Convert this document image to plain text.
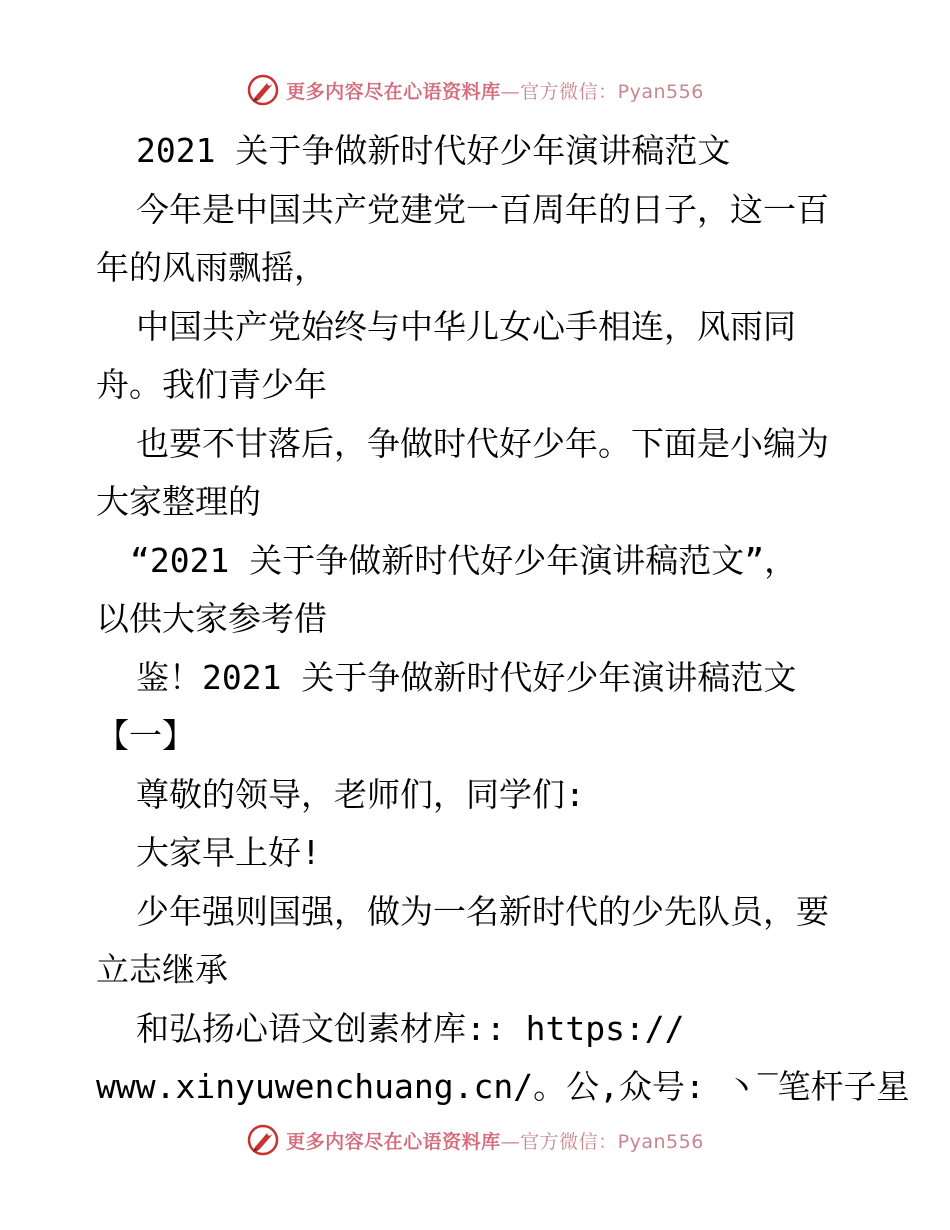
更多内容尽在心语资料库—官方微信：Pyan556
2021 关于争做新时代好少年演讲稿范文
今年是中国共产党建党一百周年的日子，这一百
年的风雨飘摇，
中国共产党始终与中华儿女心手相连，风雨同
舟。我们青少年
也要不甘落后，争做时代好少年。下面是小编为
大家整理的
“2021 关于争做新时代好少年演讲稿范文”，
以供大家参考借
鉴！2021 关于争做新时代好少年演讲稿范文
【一】
尊敬的领导，老师们，同学们:
大家早上好!
少年强则国强，做为一名新时代的少先队员，要
立志继承
和弘扬心语文创素材库:: https://
www.xinyuwenchuang.cn/。公,众号: 丶‾笔杆子星
更多内容尽在心语资料库—官方微信：Pyan556
